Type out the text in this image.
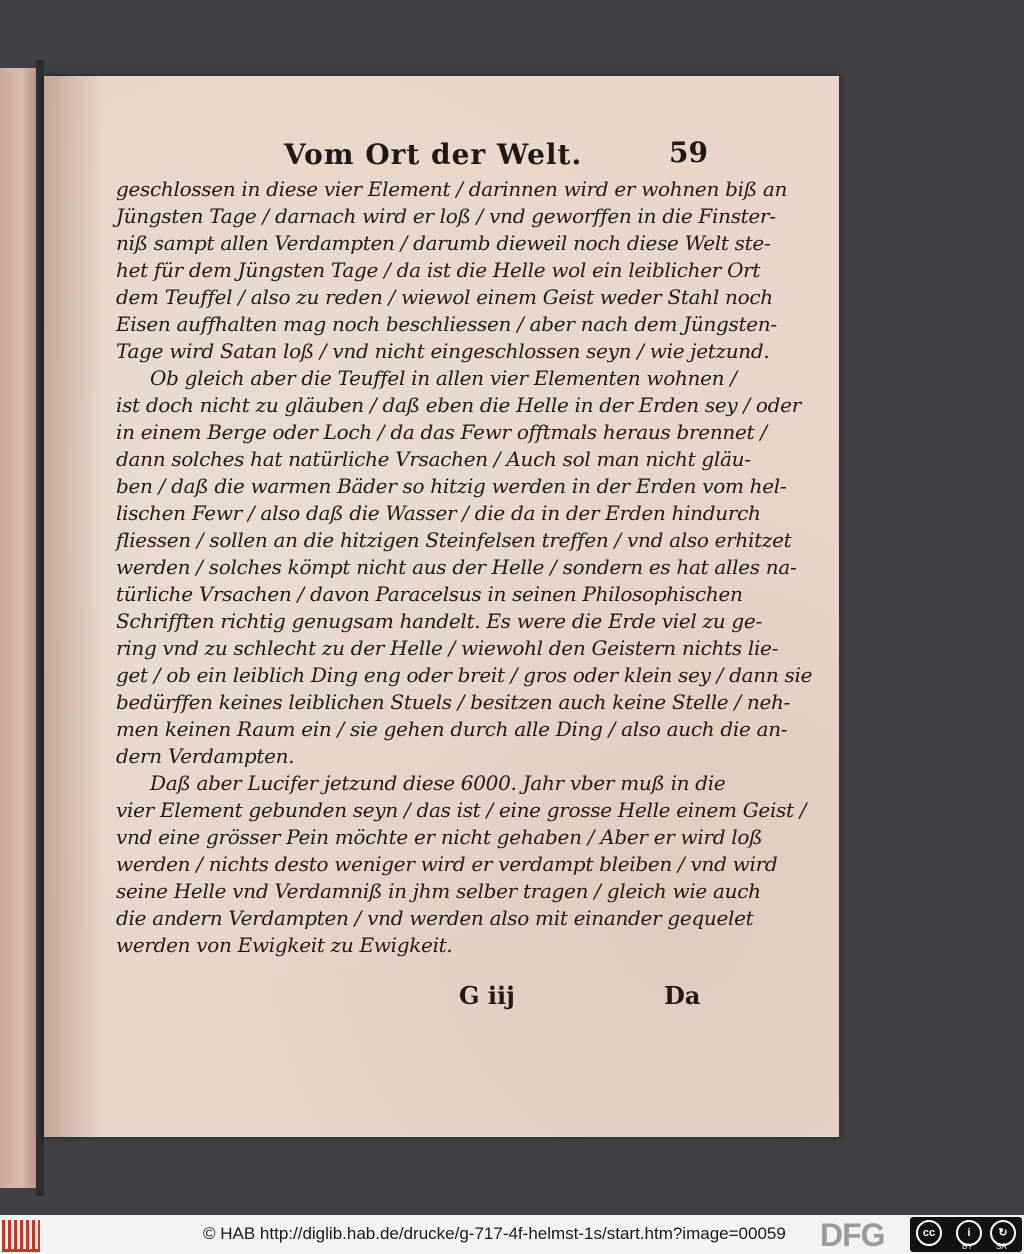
Vom Ort der Welt.	59
geschlossen in diese vier Element / darinnen wird er wohnen biß an
Jüngsten Tage / darnach wird er loß / vnd geworffen in die Finster-
niß sampt allen Verdampten / darumb dieweil noch diese Welt ste-
het für dem Jüngsten Tage / da ist die Helle wol ein leiblicher Ort
dem Teuffel / also zu reden / wiewol einem Geist weder Stahl noch
Eisen auffhalten mag noch beschliessen / aber nach dem Jüngsten-
Tage wird Satan loß / vnd nicht eingeschlossen seyn / wie jetzund.
Ob gleich aber die Teuffel in allen vier Elementen wohnen /
ist doch nicht zu gläuben / daß eben die Helle in der Erden sey / oder
in einem Berge oder Loch / da das Fewr offtmals heraus brennet /
dann solches hat natürliche Vrsachen / Auch sol man nicht gläu-
ben / daß die warmen Bäder so hitzig werden in der Erden vom hel-
lischen Fewr / also daß die Wasser / die da in der Erden hindurch
fliessen / sollen an die hitzigen Steinfelsen treffen / vnd also erhitzet
werden / solches kömpt nicht aus der Helle / sondern es hat alles na-
türliche Vrsachen / davon Paracelsus in seinen Philosophischen
Schrifften richtig genugsam handelt. Es were die Erde viel zu ge-
ring vnd zu schlecht zu der Helle / wiewohl den Geistern nichts lie-
get / ob ein leiblich Ding eng oder breit / gros oder klein sey / dann sie
bedürffen keines leiblichen Stuels / besitzen auch keine Stelle / neh-
men keinen Raum ein / sie gehen durch alle Ding / also auch die an-
dern Verdampten.
Daß aber Lucifer jetzund diese 6000. Jahr vber muß in die
vier Element gebunden seyn / das ist / eine grosse Helle einem Geist /
vnd eine grösser Pein möchte er nicht gehaben / Aber er wird loß
werden / nichts desto weniger wird er verdampt bleiben / vnd wird
seine Helle vnd Verdamniß in jhm selber tragen / gleich wie auch
die andern Verdampten / vnd werden also mit einander gequelet
werden von Ewigkeit zu Ewigkeit.
G iij	Da
© HAB http://diglib.hab.de/drucke/g-717-4f-helmst-1s/start.htm?image=00059 DFG	cc	i	↻
BY	SA
